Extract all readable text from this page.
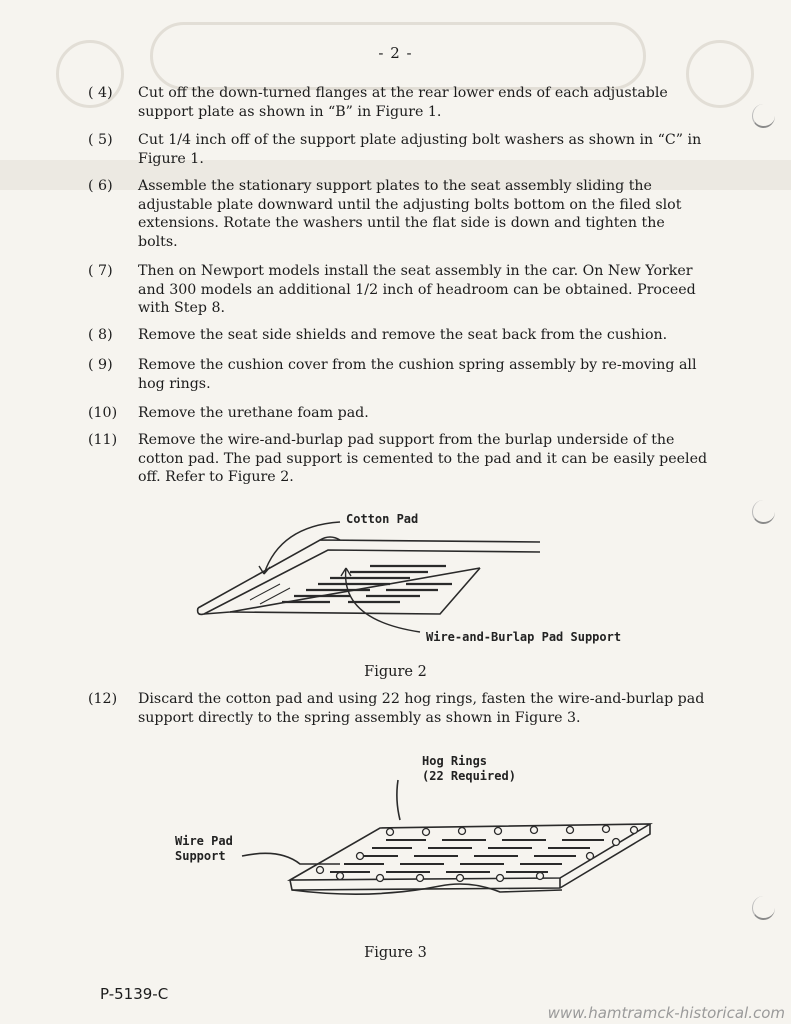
- 2 -
( 4)	Cut off the down-turned flanges at the rear lower ends of each adjustable support plate as shown in “B” in Figure 1.
( 5)	Cut 1/4 inch off of the support plate adjusting bolt washers as shown in “C” in Figure 1.
( 6)	Assemble the stationary support plates to the seat assembly sliding the adjustable plate downward until the adjusting bolts bottom on the filed slot extensions. Rotate the washers until the flat side is down and tighten the bolts.
( 7)	Then on Newport models install the seat assembly in the car. On New Yorker and 300 models an additional 1/2 inch of headroom can be obtained. Proceed with Step 8.
( 8)	Remove the seat side shields and remove the seat back from the cushion.
( 9)	Remove the cushion cover from the cushion spring assembly by re-moving all hog rings.
(10)	Remove the urethane foam pad.
(11)	Remove the wire-and-burlap pad support from the burlap underside of the cotton pad. The pad support is cemented to the pad and it can be easily peeled off. Refer to Figure 2.
Cotton Pad
Wire-and-Burlap Pad Support
Figure 2
(12)	Discard the cotton pad and using 22 hog rings, fasten the wire-and-burlap pad support directly to the spring assembly as shown in Figure 3.
Hog Rings
(22 Required)
Wire Pad
Support
Figure 3
P-5139-C
www.hamtramck-historical.com
